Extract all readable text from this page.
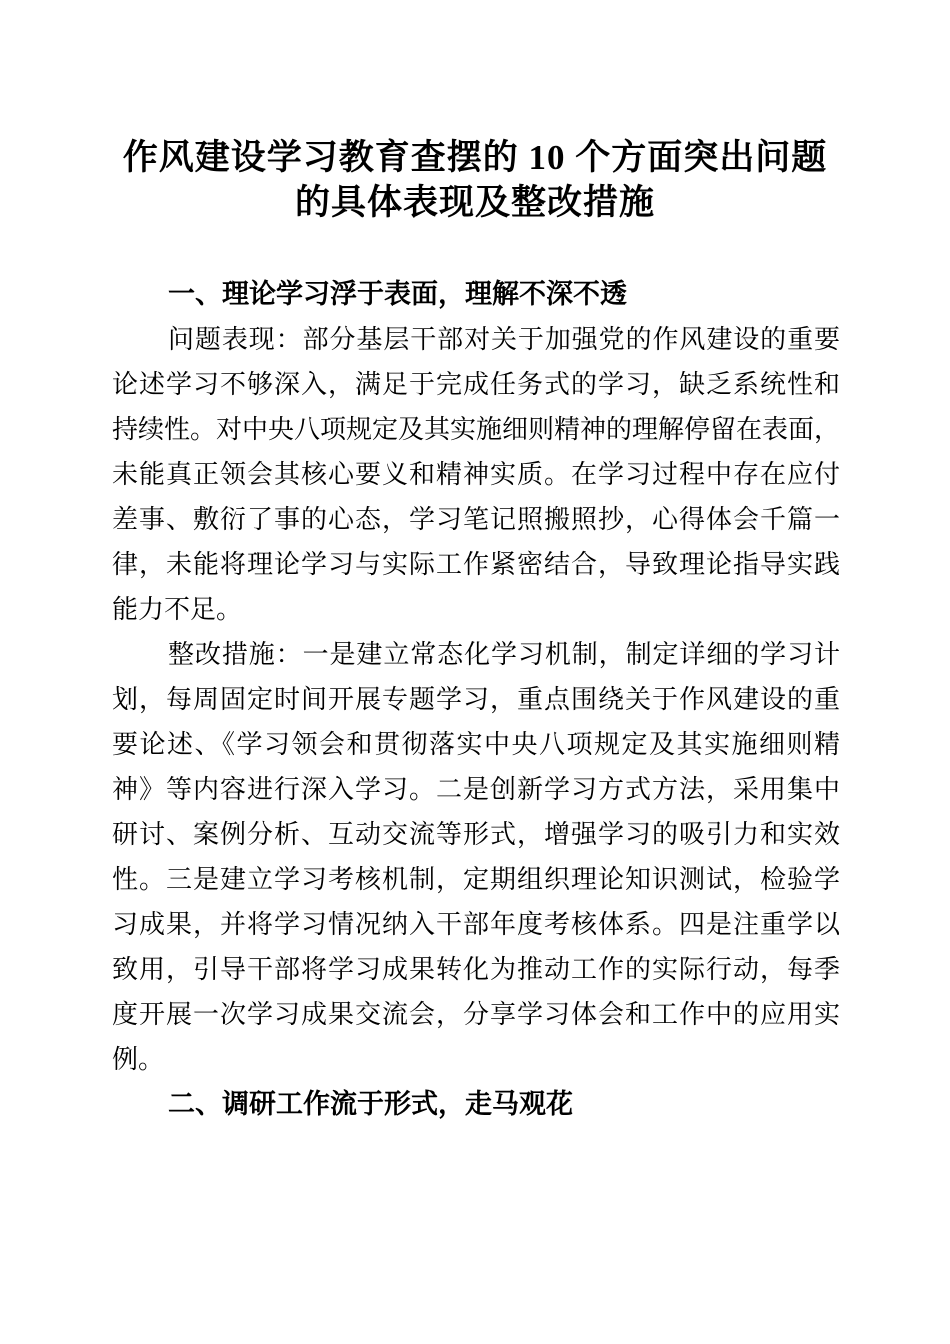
作风建设学习教育查摆的 10 个方面突出问题
的具体表现及整改措施
一、理论学习浮于表面，理解不深不透
问题表现：部分基层干部对关于加强党的作风建设的重要
论述学习不够深入，满足于完成任务式的学习，缺乏系统性和
持续性。对中央八项规定及其实施细则精神的理解停留在表面，
未能真正领会其核心要义和精神实质。在学习过程中存在应付
差事、敷衍了事的心态，学习笔记照搬照抄，心得体会千篇一
律，未能将理论学习与实际工作紧密结合，导致理论指导实践
能力不足。
整改措施：一是建立常态化学习机制，制定详细的学习计
划，每周固定时间开展专题学习，重点围绕关于作风建设的重
要论述、《学习领会和贯彻落实中央八项规定及其实施细则精
神》等内容进行深入学习。二是创新学习方式方法，采用集中
研讨、案例分析、互动交流等形式，增强学习的吸引力和实效
性。三是建立学习考核机制，定期组织理论知识测试，检验学
习成果，并将学习情况纳入干部年度考核体系。四是注重学以
致用，引导干部将学习成果转化为推动工作的实际行动，每季
度开展一次学习成果交流会，分享学习体会和工作中的应用实
例。
二、调研工作流于形式，走马观花
